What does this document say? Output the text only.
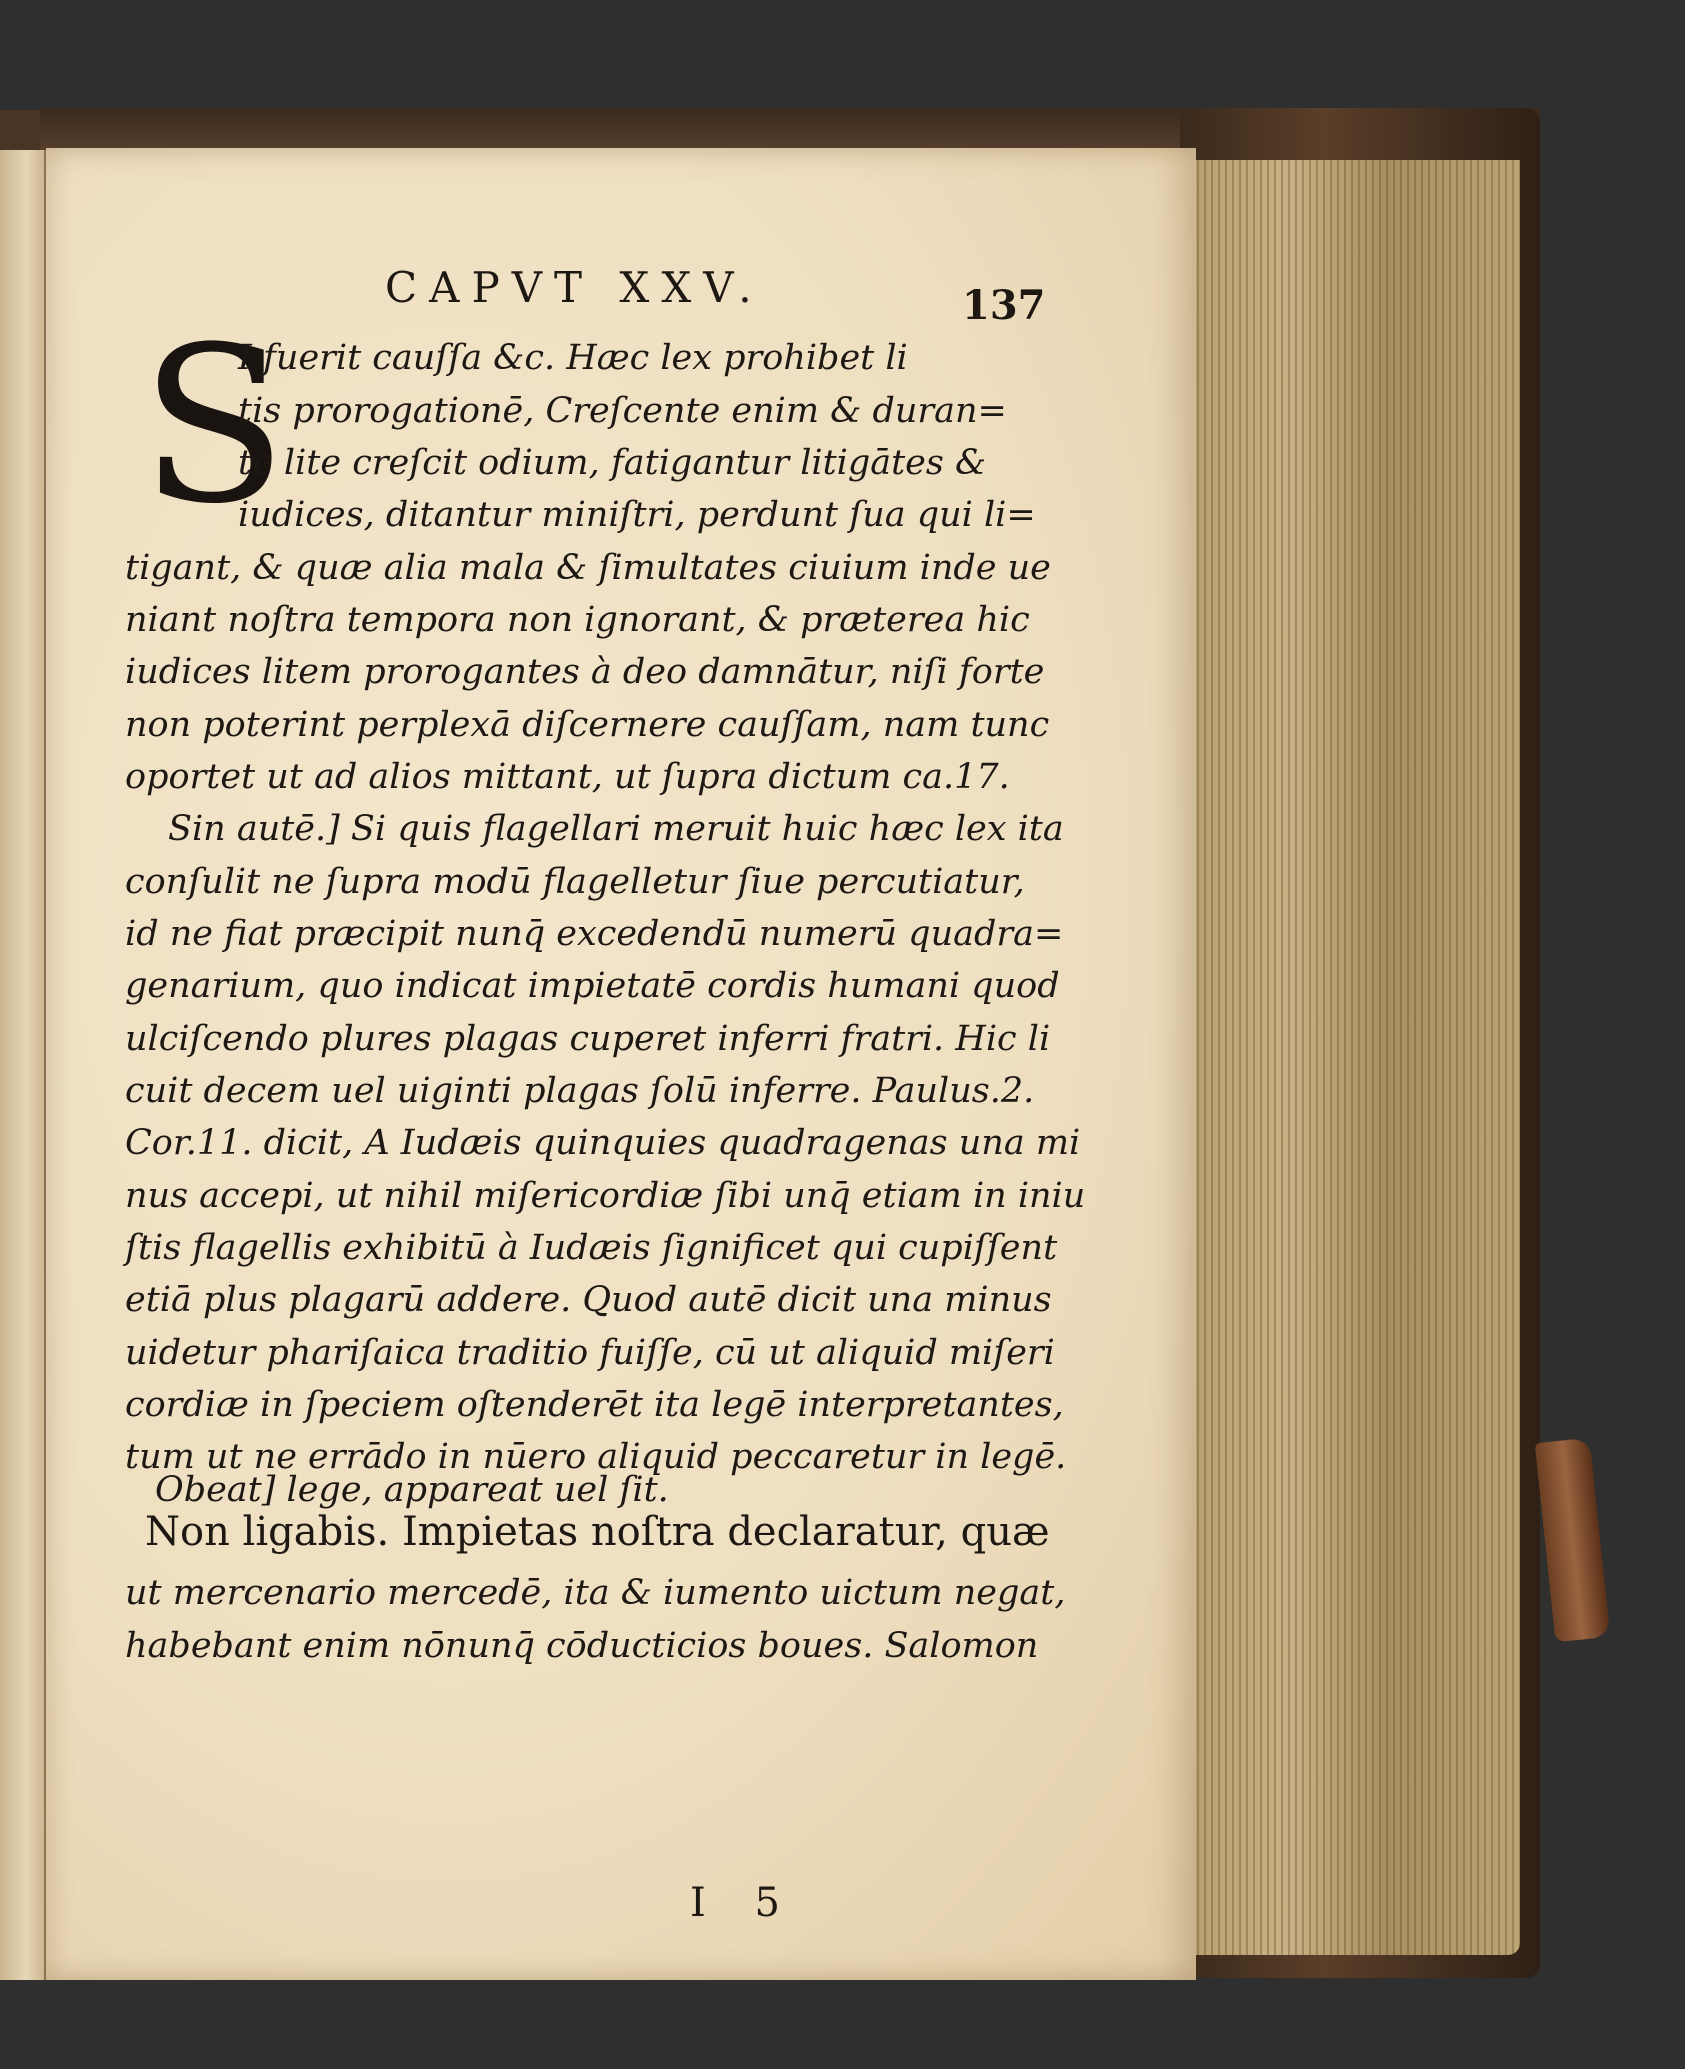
CAPVT XXV.	137
S
I fuerit cauſſa &c. Hæc lex prohibet li
tis prorogationē, Creſcente enim & duran=
te lite creſcit odium, fatigantur litigātes &
iudices, ditantur miniſtri, perdunt ſua qui li=
tigant, & quæ alia mala & ſimultates ciuium inde ue
niant noſtra tempora non ignorant, & præterea hic
iudices litem prorogantes à deo damnātur, niſi forte
non poterint perplexā diſcernere cauſſam, nam tunc
oportet ut ad alios mittant, ut ſupra dictum ca.17.
Sin autē.] Si quis flagellari meruit huic hæc lex ita
conſulit ne ſupra modū flagelletur ſiue percutiatur,
id ne fiat præcipit nunq̄ excedendū numerū quadra=
genarium, quo indicat impietatē cordis humani quod
ulciſcendo plures plagas cuperet inferri fratri. Hic li
cuit decem uel uiginti plagas ſolū inferre. Paulus.2.
Cor.11. dicit, A Iudæis quinquies quadragenas una mi
nus accepi, ut nihil miſericordiæ ſibi unq̄ etiam in iniu
ſtis flagellis exhibitū à Iudæis ſignificet qui cupiſſent
etiā plus plagarū addere. Quod autē dicit una minus
uidetur phariſaica traditio fuiſſe, cū ut aliquid miſeri
cordiæ in ſpeciem oſtenderēt ita legē interpretantes,
tum ut ne errādo in nūero aliquid peccaretur in legē.
Obeat] lege, appareat uel ſit.
Non ligabis. Impietas noſtra declaratur, quæ
ut mercenario mercedē, ita & iumento uictum negat,
habebant enim nōnunq̄ cōducticios boues. Salomon
I 5
